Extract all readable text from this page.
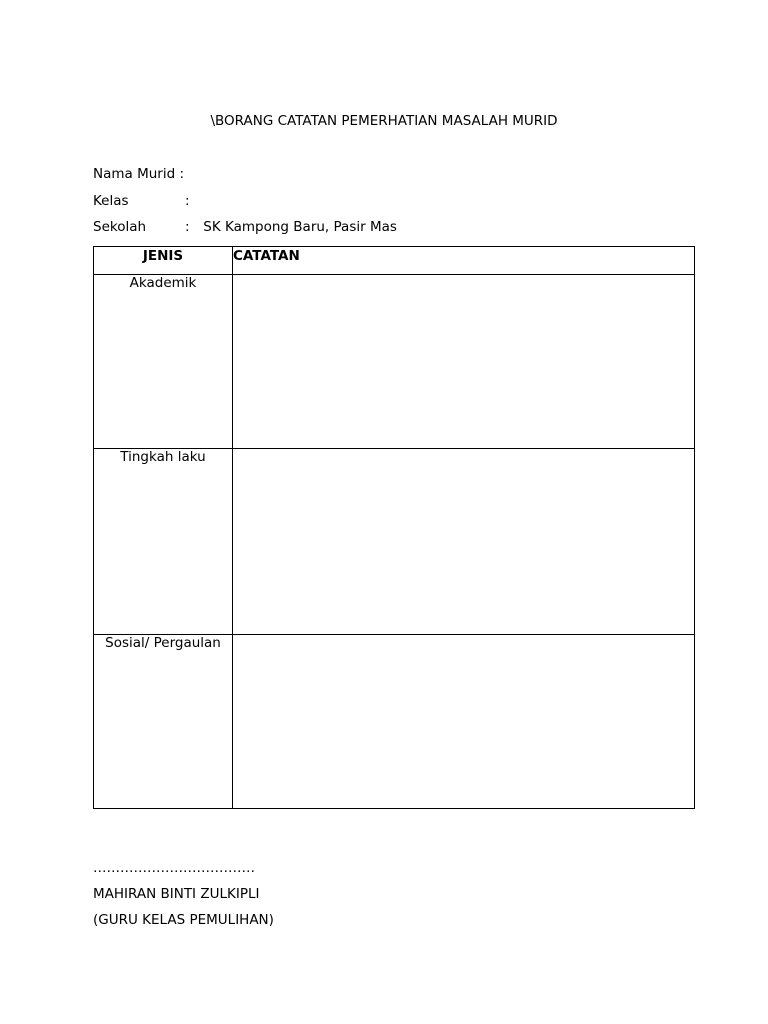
\BORANG CATATAN PEMERHATIAN MASALAH MURID
Nama Murid :
Kelas	:
Sekolah	: SK Kampong Baru, Pasir Mas
JENIS	CATATAN
Akademik	
Tingkah laku	
Sosial/ Pergaulan	
………………………………
MAHIRAN BINTI ZULKIPLI
(GURU KELAS PEMULIHAN)
